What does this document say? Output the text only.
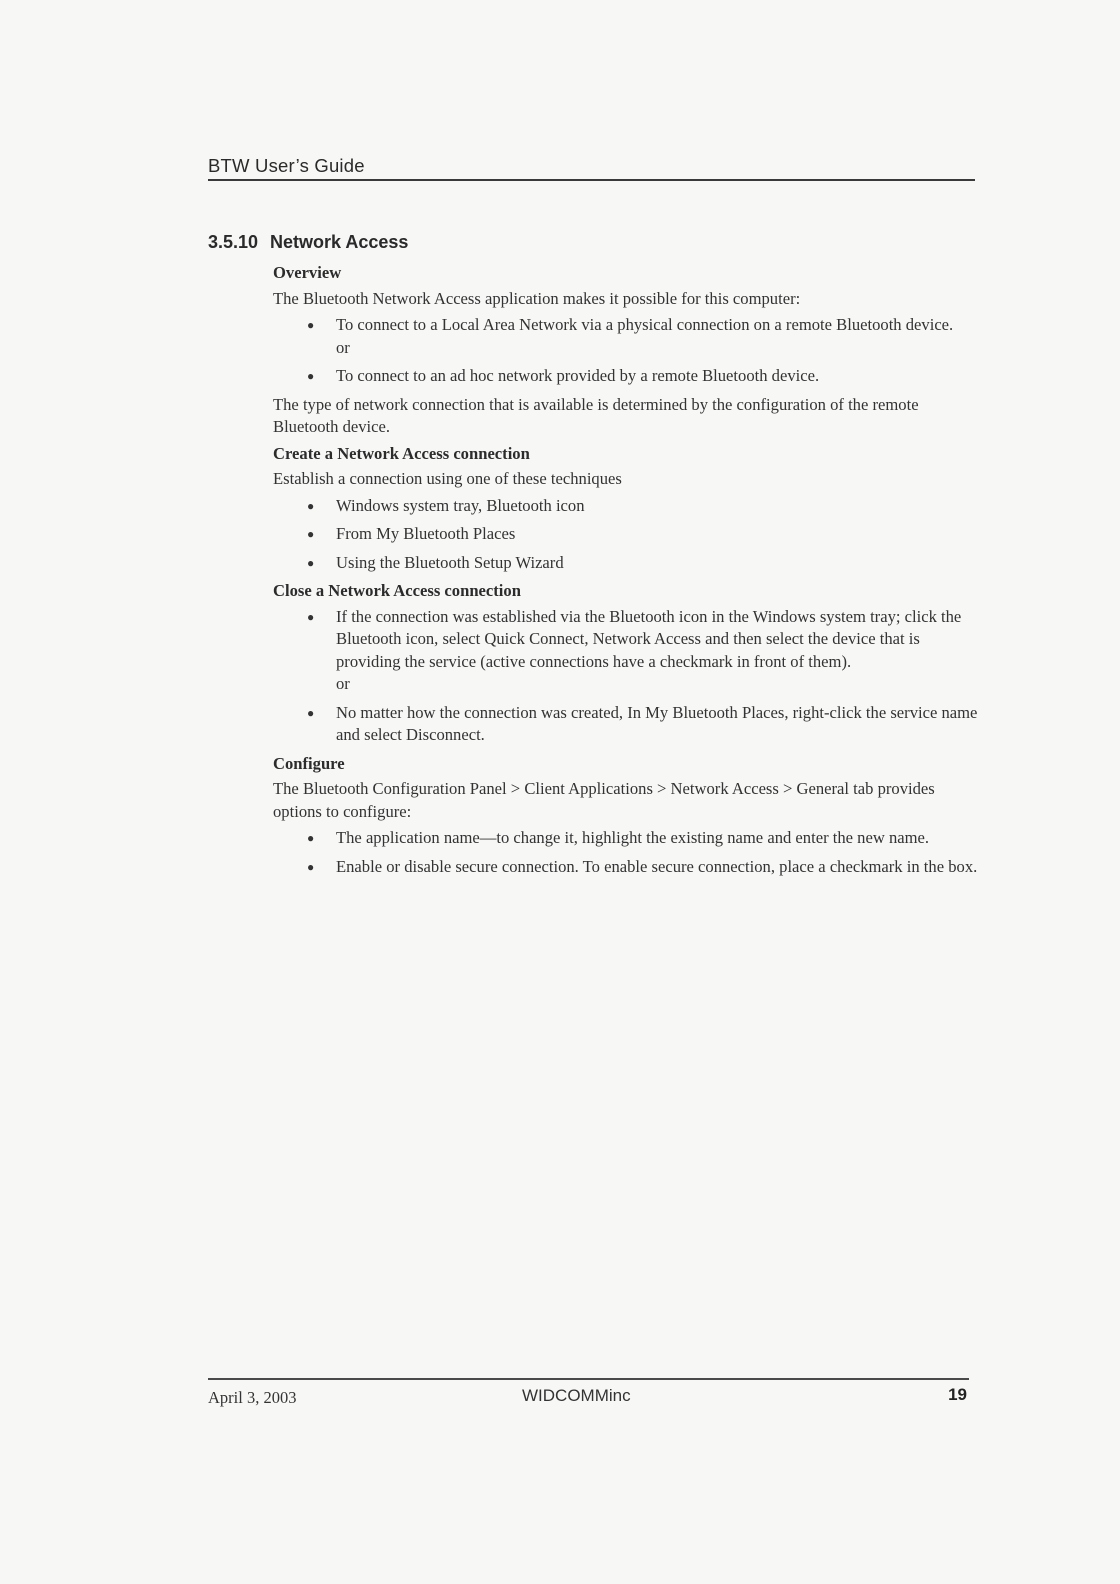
BTW User’s Guide
3.5.10 Network Access
Overview

The Bluetooth Network Access application makes it possible for this computer:

● To connect to a Local Area Network via a physical connection on a remote Bluetooth device.
or
● To connect to an ad hoc network provided by a remote Bluetooth device.

The type of network connection that is available is determined by the configuration of the remote Bluetooth device.

Create a Network Access connection

Establish a connection using one of these techniques

● Windows system tray, Bluetooth icon
● From My Bluetooth Places
● Using the Bluetooth Setup Wizard
Close a Network Access connection
● If the connection was established via the Bluetooth icon in the Windows system tray; click the Bluetooth icon, select Quick Connect, Network Access and then select the device that is providing the service (active connections have a checkmark in front of them).
or
● No matter how the connection was created, In My Bluetooth Places, right-click the service name and select Disconnect.
Configure

The Bluetooth Configuration Panel > Client Applications > Network Access > General tab provides options to configure:

● The application name—to change it, highlight the existing name and enter the new name.
● Enable or disable secure connection. To enable secure connection, place a checkmark in the box.
April 3, 2003	WIDCOMMinc	19
